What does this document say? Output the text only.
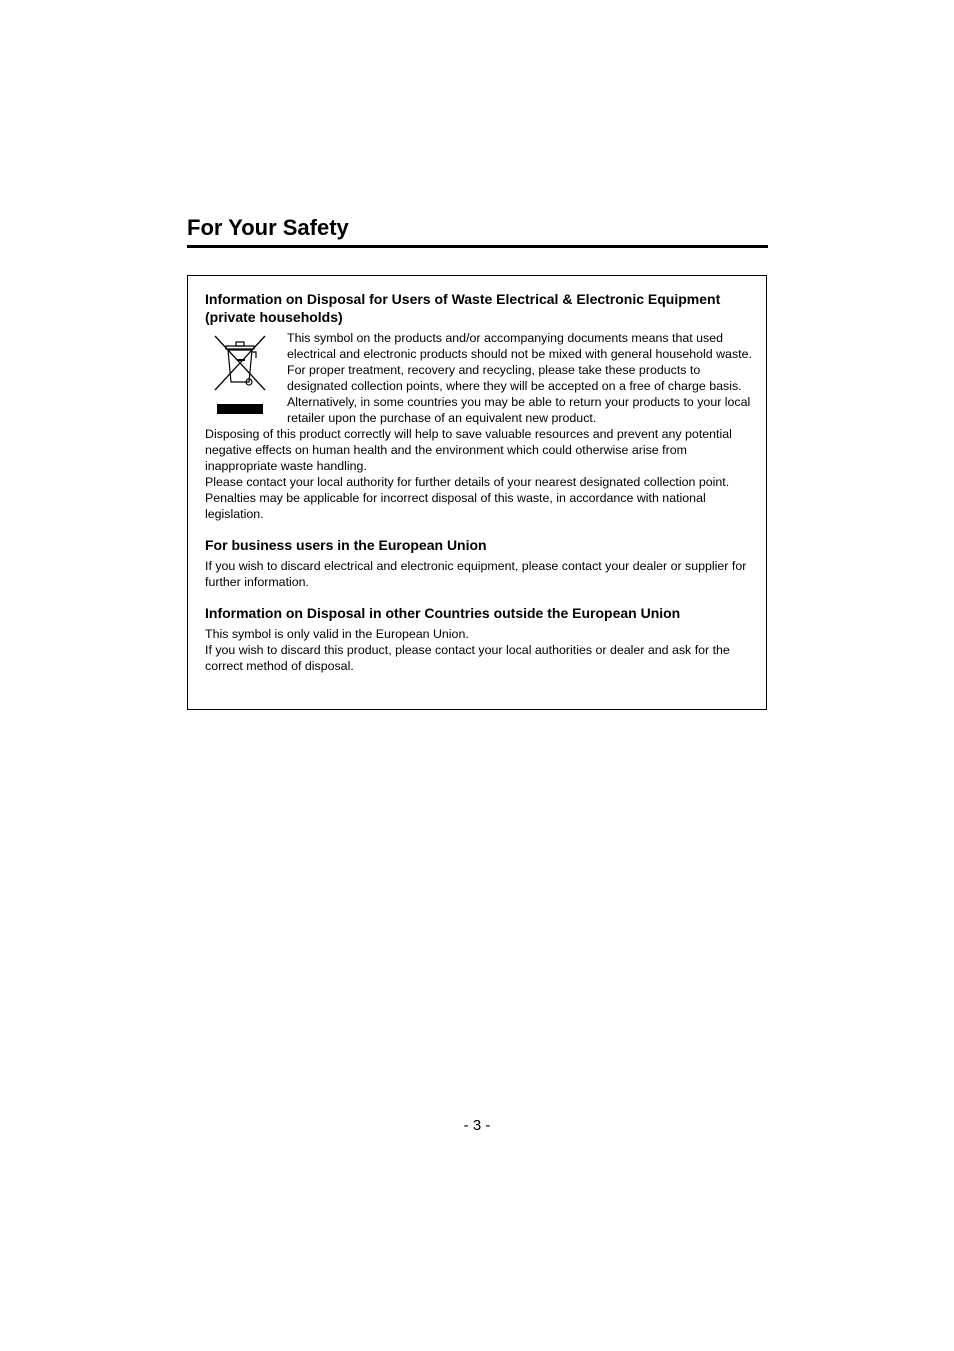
For Your Safety

Information on Disposal for Users of Waste Electrical & Electronic Equipment (private households)

This symbol on the products and/or accompanying documents means that used electrical and electronic products should not be mixed with general household waste.

For proper treatment, recovery and recycling, please take these products to designated collection points, where they will be accepted on a free of charge basis. Alternatively, in some countries you may be able to return your products to your local retailer upon the purchase of an equivalent new product.

Disposing of this product correctly will help to save valuable resources and prevent any potential negative effects on human health and the environment which could otherwise arise from inappropriate waste handling.

Please contact your local authority for further details of your nearest designated collection point.

Penalties may be applicable for incorrect disposal of this waste, in accordance with national legislation.

For business users in the European Union

If you wish to discard electrical and electronic equipment, please contact your dealer or supplier for further information.

Information on Disposal in other Countries outside the European Union

This symbol is only valid in the European Union.

If you wish to discard this product, please contact your local authorities or dealer and ask for the correct method of disposal.

- 3 -
